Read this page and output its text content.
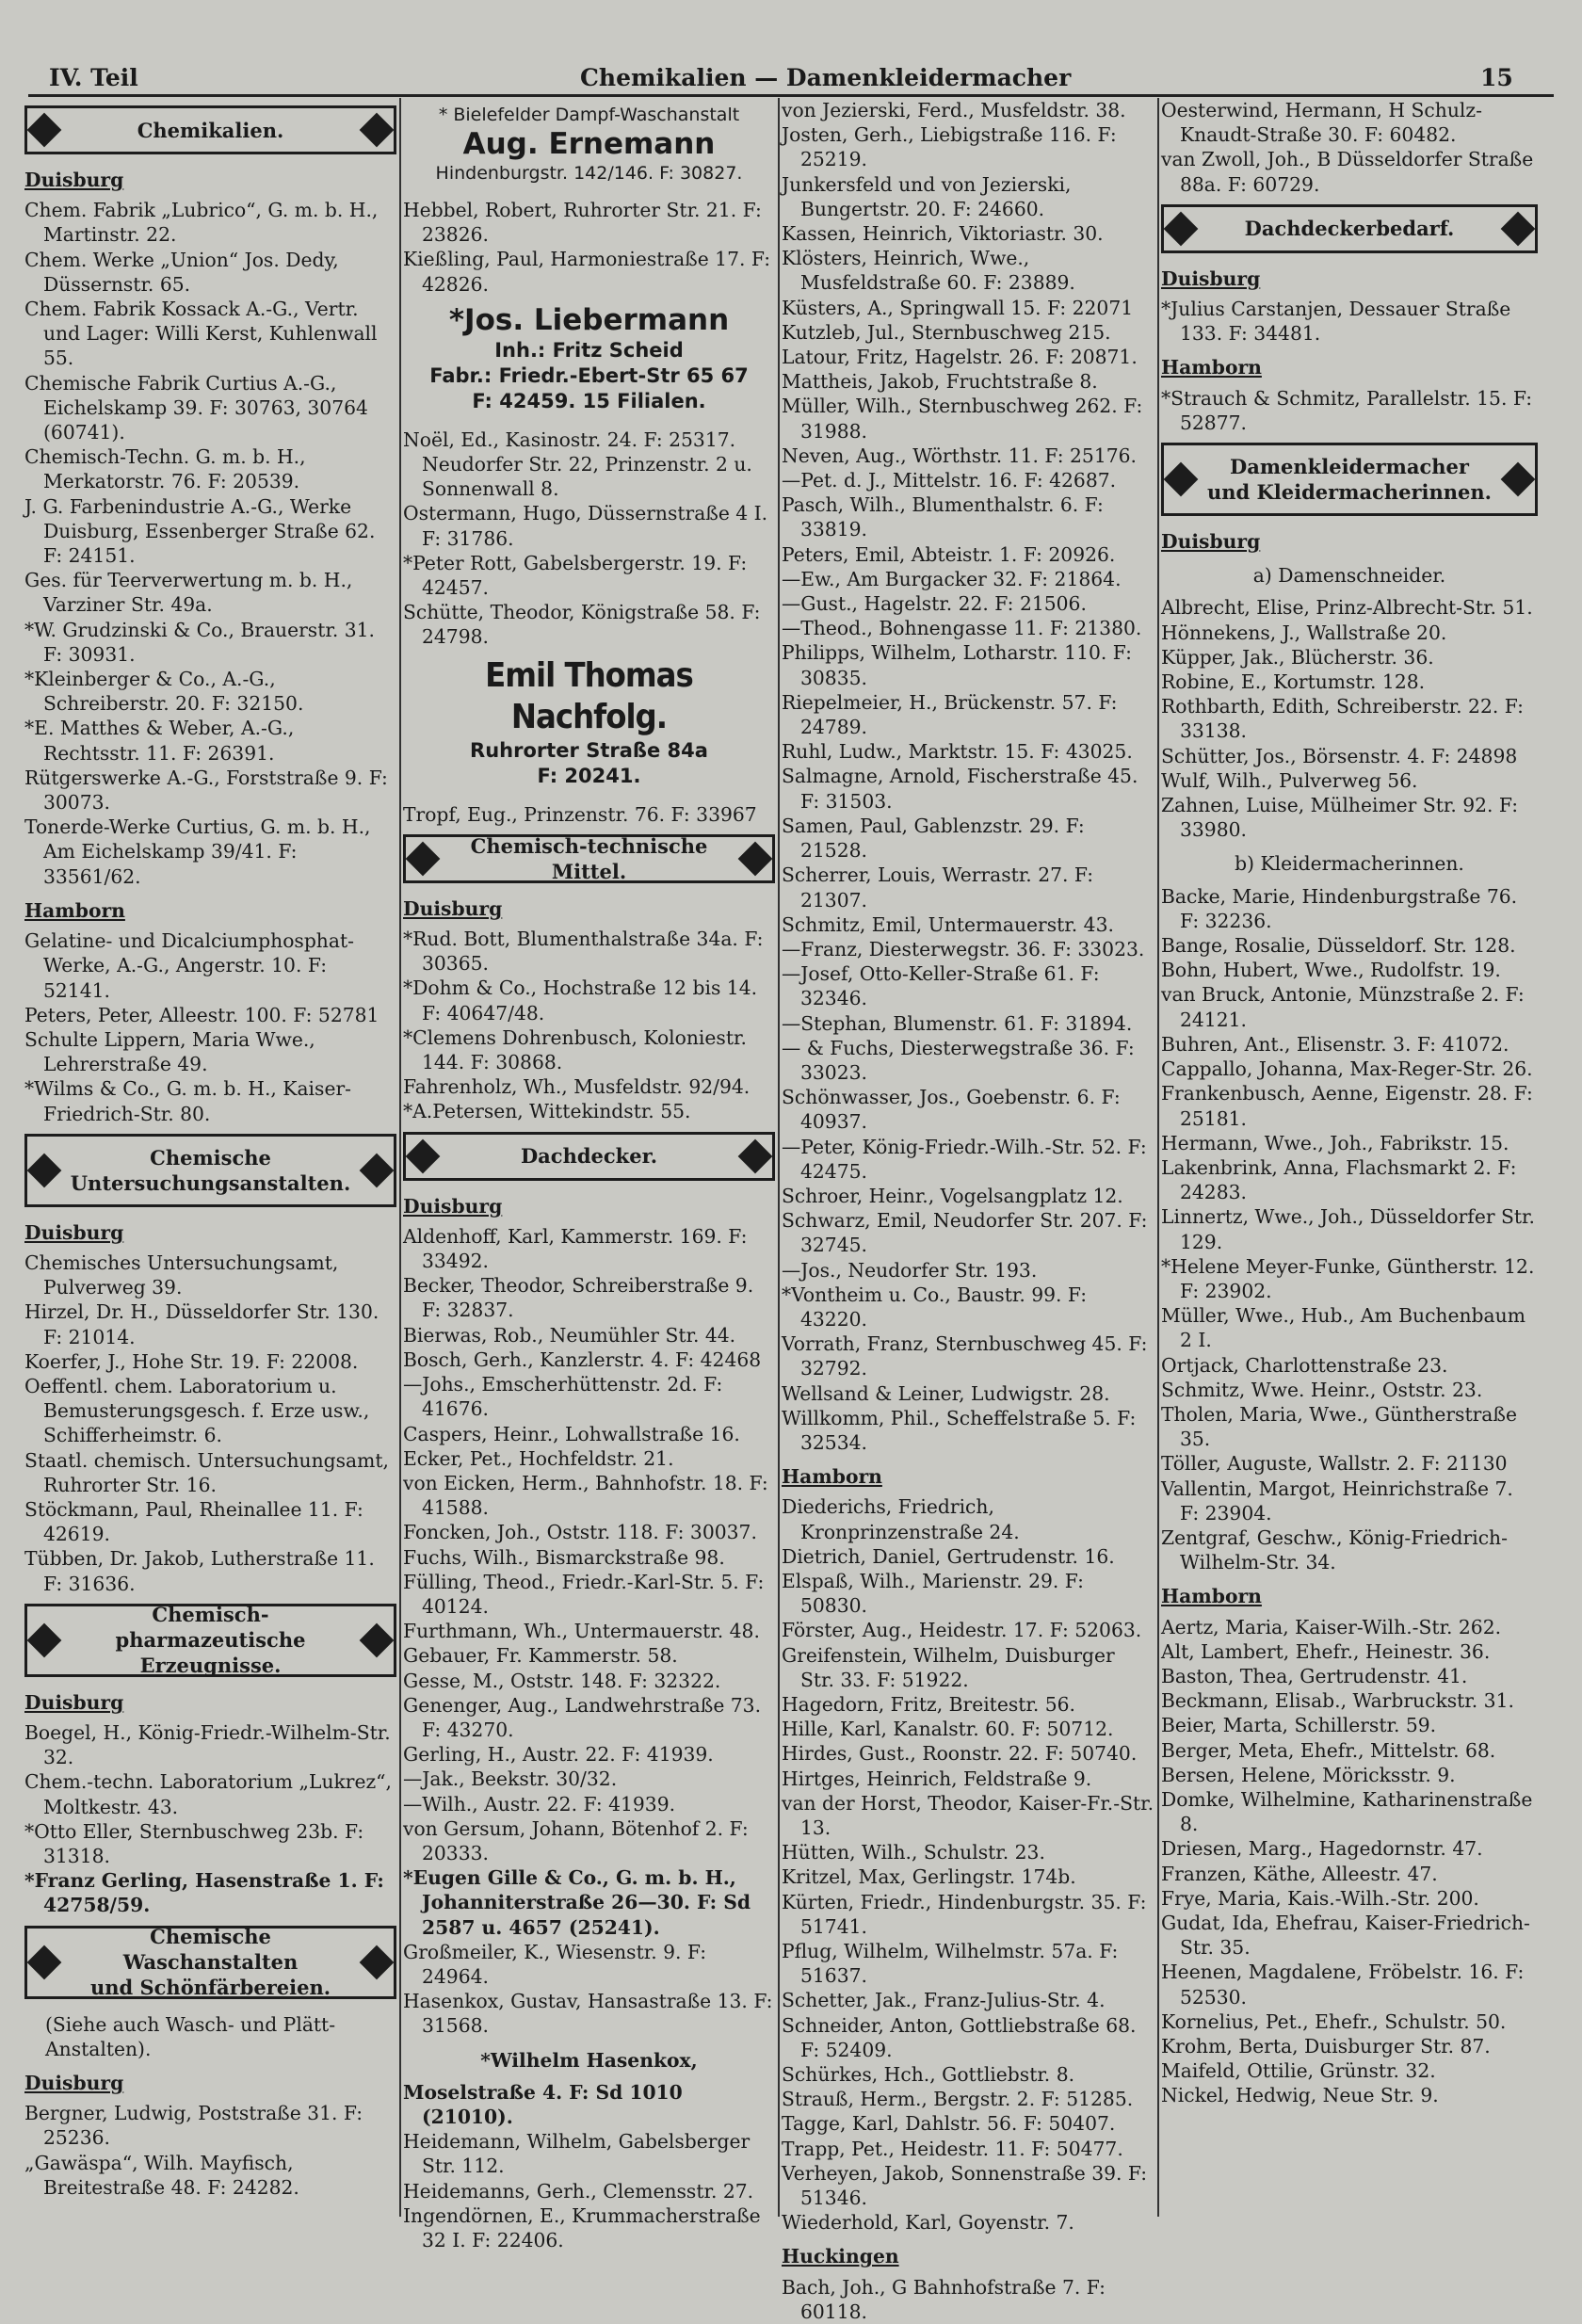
IV. Teil	Chemikalien — Damenkleidermacher	15
Chemikalien.

Duisburg

Chem. Fabrik „Lubrico“, G. m. b. H., Martinstr. 22.

Chem. Werke „Union“ Jos. Dedy, Düssernstr. 65.

Chem. Fabrik Kossack A.-G., Vertr. und Lager: Willi Kerst, Kuhlenwall 55.

Chemische Fabrik Curtius A.-G., Eichelskamp 39. F: 30763, 30764 (60741).

Chemisch-Techn. G. m. b. H., Merkatorstr. 76. F: 20539.

J. G. Farbenindustrie A.-G., Werke Duisburg, Essenberger Straße 62. F: 24151.

Ges. für Teerverwertung m. b. H., Varziner Str. 49a.

*W. Grudzinski & Co., Brauerstr. 31. F: 30931.

*Kleinberger & Co., A.-G., Schreiberstr. 20. F: 32150.

*E. Matthes & Weber, A.-G., Rechtsstr. 11. F: 26391.

Rütgerswerke A.-G., Forststraße 9. F: 30073.

Tonerde-Werke Curtius, G. m. b. H., Am Eichelskamp 39/41. F: 33561/62.

Hamborn

Gelatine- und Dicalciumphosphat-Werke, A.-G., Angerstr. 10. F: 52141.

Peters, Peter, Alleestr. 100. F: 52781

Schulte Lippern, Maria Wwe., Lehrerstraße 49.

*Wilms & Co., G. m. b. H., Kaiser-Friedrich-Str. 80.

Chemische
Untersuchungsanstalten.

Duisburg

Chemisches Untersuchungsamt, Pulverweg 39.

Hirzel, Dr. H., Düsseldorfer Str. 130. F: 21014.

Koerfer, J., Hohe Str. 19. F: 22008.

Oeffentl. chem. Laboratorium u. Bemusterungsgesch. f. Erze usw., Schifferheimstr. 6.

Staatl. chemisch. Untersuchungsamt, Ruhrorter Str. 16.

Stöckmann, Paul, Rheinallee 11. F: 42619.

Tübben, Dr. Jakob, Lutherstraße 11. F: 31636.

Chemisch-pharmazeutische
Erzeugnisse.

Duisburg

Boegel, H., König-Friedr.-Wilhelm-Str. 32.

Chem.-techn. Laboratorium „Lukrez“, Moltkestr. 43.

*Otto Eller, Sternbuschweg 23b. F: 31318.

*Franz Gerling, Hasenstraße 1. F: 42758/59.

Chemische Waschanstalten
und Schönfärbereien.

(Siehe auch Wasch- und Plätt-Anstalten).

Duisburg

Bergner, Ludwig, Poststraße 31. F: 25236.

„Gawäspa“, Wilh. Mayfisch, Breitestraße 48. F: 24282.

* Bielefelder Dampf-Waschanstalt
Aug. Ernemann
Hindenburgstr. 142/146. F: 30827.

Hebbel, Robert, Ruhrorter Str. 21. F: 23826.

Kießling, Paul, Harmoniestraße 17. F: 42826.

*Jos. Liebermann
Inh.: Fritz Scheid
Fabr.: Friedr.-Ebert-Str 65 67
F: 42459. 15 Filialen.

Noël, Ed., Kasinostr. 24. F: 25317. Neudorfer Str. 22, Prinzenstr. 2 u. Sonnenwall 8.

Ostermann, Hugo, Düssernstraße 4 I. F: 31786.

*Peter Rott, Gabelsbergerstr. 19. F: 42457.

Schütte, Theodor, Königstraße 58. F: 24798.

Emil Thomas Nachfolg.
Ruhrorter Straße 84a
F: 20241.

Tropf, Eug., Prinzenstr. 76. F: 33967

Chemisch-technische Mittel.

Duisburg

*Rud. Bott, Blumenthalstraße 34a. F: 30365.

*Dohm & Co., Hochstraße 12 bis 14. F: 40647/48.

*Clemens Dohrenbusch, Koloniestr. 144. F: 30868.

Fahrenholz, Wh., Musfeldstr. 92/94.

*A.Petersen, Wittekindstr. 55.

Dachdecker.

Duisburg

Aldenhoff, Karl, Kammerstr. 169. F: 33492.

Becker, Theodor, Schreiberstraße 9. F: 32837.

Bierwas, Rob., Neumühler Str. 44.

Bosch, Gerh., Kanzlerstr. 4. F: 42468

—Johs., Emscherhüttenstr. 2d. F: 41676.

Caspers, Heinr., Lohwallstraße 16.

Ecker, Pet., Hochfeldstr. 21.

von Eicken, Herm., Bahnhofstr. 18. F: 41588.

Foncken, Joh., Oststr. 118. F: 30037.

Fuchs, Wilh., Bismarckstraße 98.

Fülling, Theod., Friedr.-Karl-Str. 5. F: 40124.

Furthmann, Wh., Untermauerstr. 48.

Gebauer, Fr. Kammerstr. 58.

Gesse, M., Oststr. 148. F: 32322.

Genenger, Aug., Landwehrstraße 73. F: 43270.

Gerling, H., Austr. 22. F: 41939.

—Jak., Beekstr. 30/32.

—Wilh., Austr. 22. F: 41939.

von Gersum, Johann, Bötenhof 2. F: 20333.

*Eugen Gille & Co., G. m. b. H., Johanniterstraße 26—30. F: Sd 2587 u. 4657 (25241).

Großmeiler, K., Wiesenstr. 9. F: 24964.

Hasenkox, Gustav, Hansastraße 13. F: 31568.

*Wilhelm Hasenkox,

Moselstraße 4. F: Sd 1010 (21010).

Heidemann, Wilhelm, Gabelsberger Str. 112.

Heidemanns, Gerh., Clemensstr. 27.

Ingendörnen, E., Krummacherstraße 32 I. F: 22406.

von Jezierski, Ferd., Musfeldstr. 38.

Josten, Gerh., Liebigstraße 116. F: 25219.

Junkersfeld und von Jezierski, Bungertstr. 20. F: 24660.

Kassen, Heinrich, Viktoriastr. 30.

Klösters, Heinrich, Wwe., Musfeldstraße 60. F: 23889.

Küsters, A., Springwall 15. F: 22071

Kutzleb, Jul., Sternbuschweg 215.

Latour, Fritz, Hagelstr. 26. F: 20871.

Mattheis, Jakob, Fruchtstraße 8.

Müller, Wilh., Sternbuschweg 262. F: 31988.

Neven, Aug., Wörthstr. 11. F: 25176.

—Pet. d. J., Mittelstr. 16. F: 42687.

Pasch, Wilh., Blumenthalstr. 6. F: 33819.

Peters, Emil, Abteistr. 1. F: 20926.

—Ew., Am Burgacker 32. F: 21864.

—Gust., Hagelstr. 22. F: 21506.

—Theod., Bohnengasse 11. F: 21380.

Philipps, Wilhelm, Lotharstr. 110. F: 30835.

Riepelmeier, H., Brückenstr. 57. F: 24789.

Ruhl, Ludw., Marktstr. 15. F: 43025.

Salmagne, Arnold, Fischerstraße 45. F: 31503.

Samen, Paul, Gablenzstr. 29. F: 21528.

Scherrer, Louis, Werrastr. 27. F: 21307.

Schmitz, Emil, Untermauerstr. 43.

—Franz, Diesterwegstr. 36. F: 33023.

—Josef, Otto-Keller-Straße 61. F: 32346.

—Stephan, Blumenstr. 61. F: 31894.

— & Fuchs, Diesterwegstraße 36. F: 33023.

Schönwasser, Jos., Goebenstr. 6. F: 40937.

—Peter, König-Friedr.-Wilh.-Str. 52. F: 42475.

Schroer, Heinr., Vogelsangplatz 12.

Schwarz, Emil, Neudorfer Str. 207. F: 32745.

—Jos., Neudorfer Str. 193.

*Vontheim u. Co., Baustr. 99. F: 43220.

Vorrath, Franz, Sternbuschweg 45. F: 32792.

Wellsand & Leiner, Ludwigstr. 28.

Willkomm, Phil., Scheffelstraße 5. F: 32534.

Hamborn

Diederichs, Friedrich, Kronprinzenstraße 24.

Dietrich, Daniel, Gertrudenstr. 16.

Elspaß, Wilh., Marienstr. 29. F: 50830.

Förster, Aug., Heidestr. 17. F: 52063.

Greifenstein, Wilhelm, Duisburger Str. 33. F: 51922.

Hagedorn, Fritz, Breitestr. 56.

Hille, Karl, Kanalstr. 60. F: 50712.

Hirdes, Gust., Roonstr. 22. F: 50740.

Hirtges, Heinrich, Feldstraße 9.

van der Horst, Theodor, Kaiser-Fr.-Str. 13.

Hütten, Wilh., Schulstr. 23.

Kritzel, Max, Gerlingstr. 174b.

Kürten, Friedr., Hindenburgstr. 35. F: 51741.

Pflug, Wilhelm, Wilhelmstr. 57a. F: 51637.

Schetter, Jak., Franz-Julius-Str. 4.

Schneider, Anton, Gottliebstraße 68. F: 52409.

Schürkes, Hch., Gottliebstr. 8.

Strauß, Herm., Bergstr. 2. F: 51285.

Tagge, Karl, Dahlstr. 56. F: 50407.

Trapp, Pet., Heidestr. 11. F: 50477.

Verheyen, Jakob, Sonnenstraße 39. F: 51346.

Wiederhold, Karl, Goyenstr. 7.

Huckingen

Bach, Joh., G Bahnhofstraße 7. F: 60118.

Oesterwind, Hermann, H Schulz-Knaudt-Straße 30. F: 60482.

van Zwoll, Joh., B Düsseldorfer Straße 88a. F: 60729.

Dachdeckerbedarf.

Duisburg

*Julius Carstanjen, Dessauer Straße 133. F: 34481.

Hamborn

*Strauch & Schmitz, Parallelstr. 15. F: 52877.

Damenkleidermacher
und Kleidermacherinnen.

Duisburg

a) Damenschneider.

Albrecht, Elise, Prinz-Albrecht-Str. 51.

Hönnekens, J., Wallstraße 20.

Küpper, Jak., Blücherstr. 36.

Robine, E., Kortumstr. 128.

Rothbarth, Edith, Schreiberstr. 22. F: 33138.

Schütter, Jos., Börsenstr. 4. F: 24898

Wulf, Wilh., Pulverweg 56.

Zahnen, Luise, Mülheimer Str. 92. F: 33980.

b) Kleidermacherinnen.

Backe, Marie, Hindenburgstraße 76. F: 32236.

Bange, Rosalie, Düsseldorf. Str. 128.

Bohn, Hubert, Wwe., Rudolfstr. 19.

van Bruck, Antonie, Münzstraße 2. F: 24121.

Buhren, Ant., Elisenstr. 3. F: 41072.

Cappallo, Johanna, Max-Reger-Str. 26.

Frankenbusch, Aenne, Eigenstr. 28. F: 25181.

Hermann, Wwe., Joh., Fabrikstr. 15.

Lakenbrink, Anna, Flachsmarkt 2. F: 24283.

Linnertz, Wwe., Joh., Düsseldorfer Str. 129.

*Helene Meyer-Funke, Güntherstr. 12. F: 23902.

Müller, Wwe., Hub., Am Buchenbaum 2 I.

Ortjack, Charlottenstraße 23.

Schmitz, Wwe. Heinr., Oststr. 23.

Tholen, Maria, Wwe., Güntherstraße 35.

Töller, Auguste, Wallstr. 2. F: 21130

Vallentin, Margot, Heinrichstraße 7. F: 23904.

Zentgraf, Geschw., König-Friedrich-Wilhelm-Str. 34.

Hamborn

Aertz, Maria, Kaiser-Wilh.-Str. 262.

Alt, Lambert, Ehefr., Heinestr. 36.

Baston, Thea, Gertrudenstr. 41.

Beckmann, Elisab., Warbruckstr. 31.

Beier, Marta, Schillerstr. 59.

Berger, Meta, Ehefr., Mittelstr. 68.

Bersen, Helene, Möricksstr. 9.

Domke, Wilhelmine, Katharinenstraße 8.

Driesen, Marg., Hagedornstr. 47.

Franzen, Käthe, Alleestr. 47.

Frye, Maria, Kais.-Wilh.-Str. 200.

Gudat, Ida, Ehefrau, Kaiser-Friedrich-Str. 35.

Heenen, Magdalene, Fröbelstr. 16. F: 52530.

Kornelius, Pet., Ehefr., Schulstr. 50.

Krohm, Berta, Duisburger Str. 87.

Maifeld, Ottilie, Grünstr. 32.

Nickel, Hedwig, Neue Str. 9.
